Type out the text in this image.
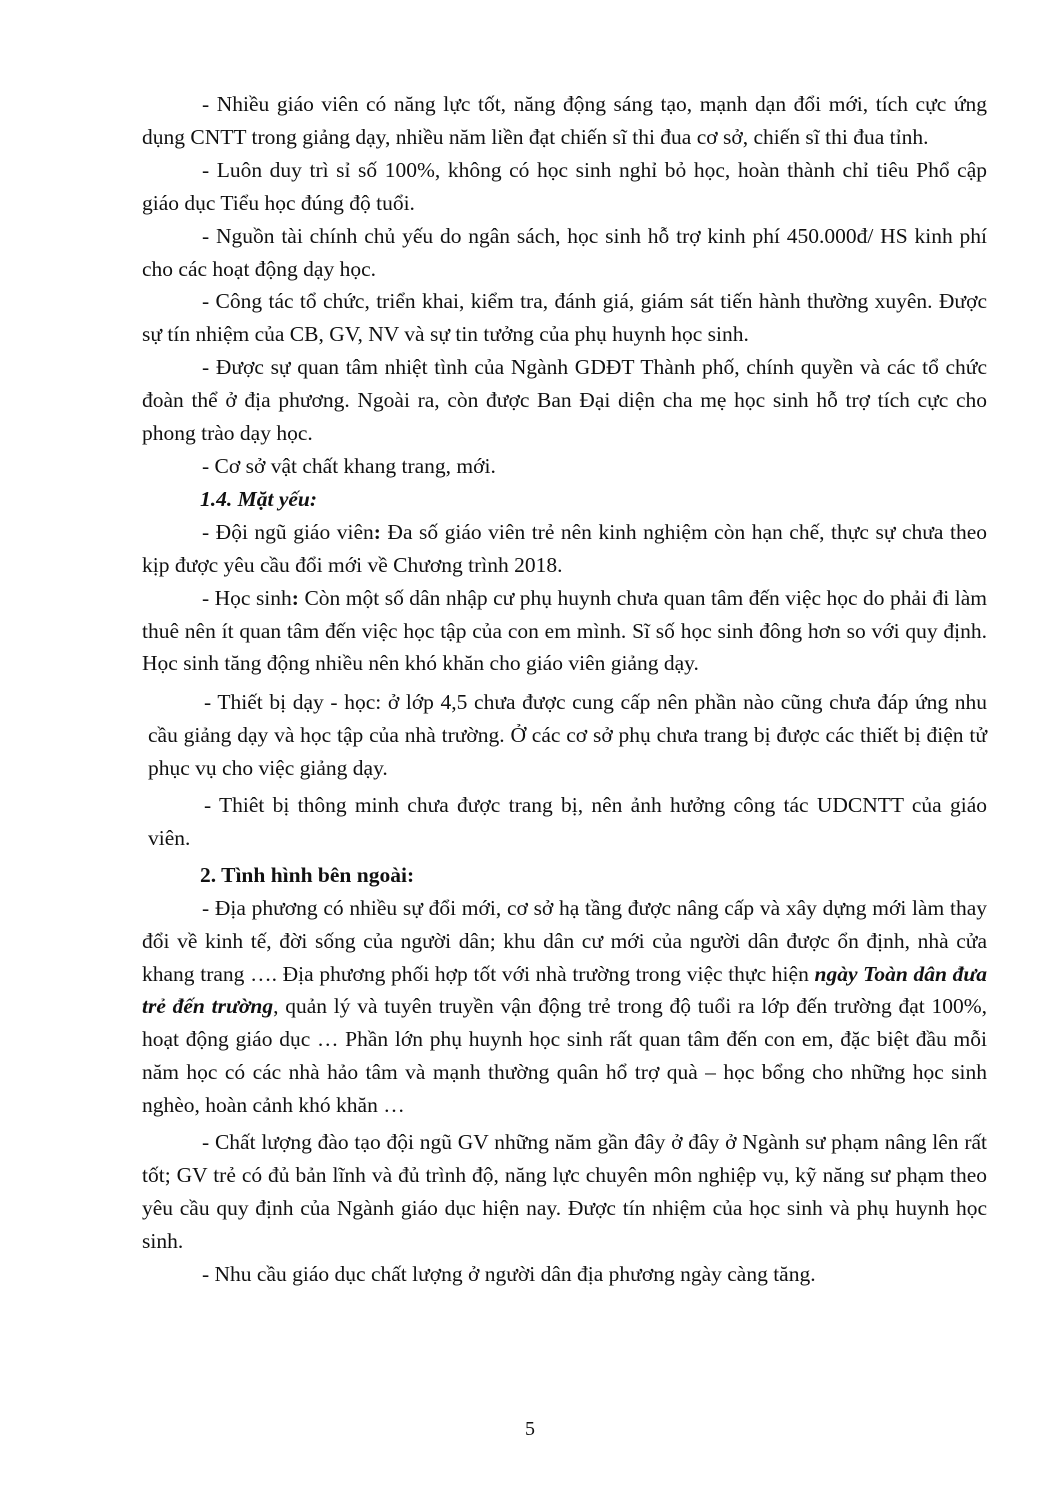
- Nhiều giáo viên có năng lực tốt, năng động sáng tạo, mạnh dạn đổi mới, tích cực ứng dụng CNTT trong giảng dạy, nhiều năm liền đạt chiến sĩ thi đua cơ sở, chiến sĩ thi đua tỉnh.

- Luôn duy trì sỉ số 100%, không có học sinh nghỉ bỏ học, hoàn thành chỉ tiêu Phổ cập giáo dục Tiểu học đúng độ tuổi.

- Nguồn tài chính chủ yếu do ngân sách, học sinh hỗ trợ kinh phí 450.000đ/ HS kinh phí cho các hoạt động dạy học.

- Công tác tổ chức, triển khai, kiểm tra, đánh giá, giám sát tiến hành thường xuyên. Được sự tín nhiệm của CB, GV, NV và sự tin tưởng của phụ huynh học sinh.

- Được sự quan tâm nhiệt tình của Ngành GDĐT Thành phố, chính quyền và các tổ chức đoàn thể ở địa phương. Ngoài ra, còn được Ban Đại diện cha mẹ học sinh hỗ trợ tích cực cho phong trào dạy học.

- Cơ sở vật chất khang trang, mới.

1.4. Mặt yếu:

- Đội ngũ giáo viên: Đa số giáo viên trẻ nên kinh nghiệm còn hạn chế, thực sự chưa theo kịp được yêu cầu đổi mới về Chương trình 2018.

- Học sinh: Còn một số dân nhập cư phụ huynh chưa quan tâm đến việc học do phải đi làm thuê nên ít quan tâm đến việc học tập của con em mình. Sĩ số học sinh đông hơn so với quy định. Học sinh tăng động nhiều nên khó khăn cho giáo viên giảng dạy.

- Thiết bị dạy - học: ở lớp 4,5 chưa được cung cấp nên phần nào cũng chưa đáp ứng nhu cầu giảng dạy và học tập của nhà trường. Ở các cơ sở phụ chưa trang bị được các thiết bị điện tử phục vụ cho việc giảng dạy.

- Thiêt bị thông minh chưa được trang bị, nên ảnh hưởng công tác UDCNTT của giáo viên.

2. Tình hình bên ngoài:

- Địa phương có nhiều sự đổi mới, cơ sở hạ tầng được nâng cấp và xây dựng mới làm thay đổi về kinh tế, đời sống của người dân; khu dân cư mới của người dân được ổn định, nhà cửa khang trang …. Địa phương phối hợp tốt với nhà trường trong việc thực hiện ngày Toàn dân đưa trẻ đến trường, quản lý và tuyên truyền vận động trẻ trong độ tuổi ra lớp đến trường đạt 100%, hoạt động giáo dục … Phần lớn phụ huynh học sinh rất quan tâm đến con em, đặc biệt đầu mỗi năm học có các nhà hảo tâm và mạnh thường quân hổ trợ quà – học bổng cho những học sinh nghèo, hoàn cảnh khó khăn …

- Chất lượng đào tạo đội ngũ GV những năm gần đây ở đây ở Ngành sư phạm nâng lên rất tốt; GV trẻ có đủ bản lĩnh và đủ trình độ, năng lực chuyên môn nghiệp vụ, kỹ năng sư phạm theo yêu cầu quy định của Ngành giáo dục hiện nay. Được tín nhiệm của học sinh và phụ huynh học sinh.

- Nhu cầu giáo dục chất lượng ở người dân địa phương ngày càng tăng.

5
